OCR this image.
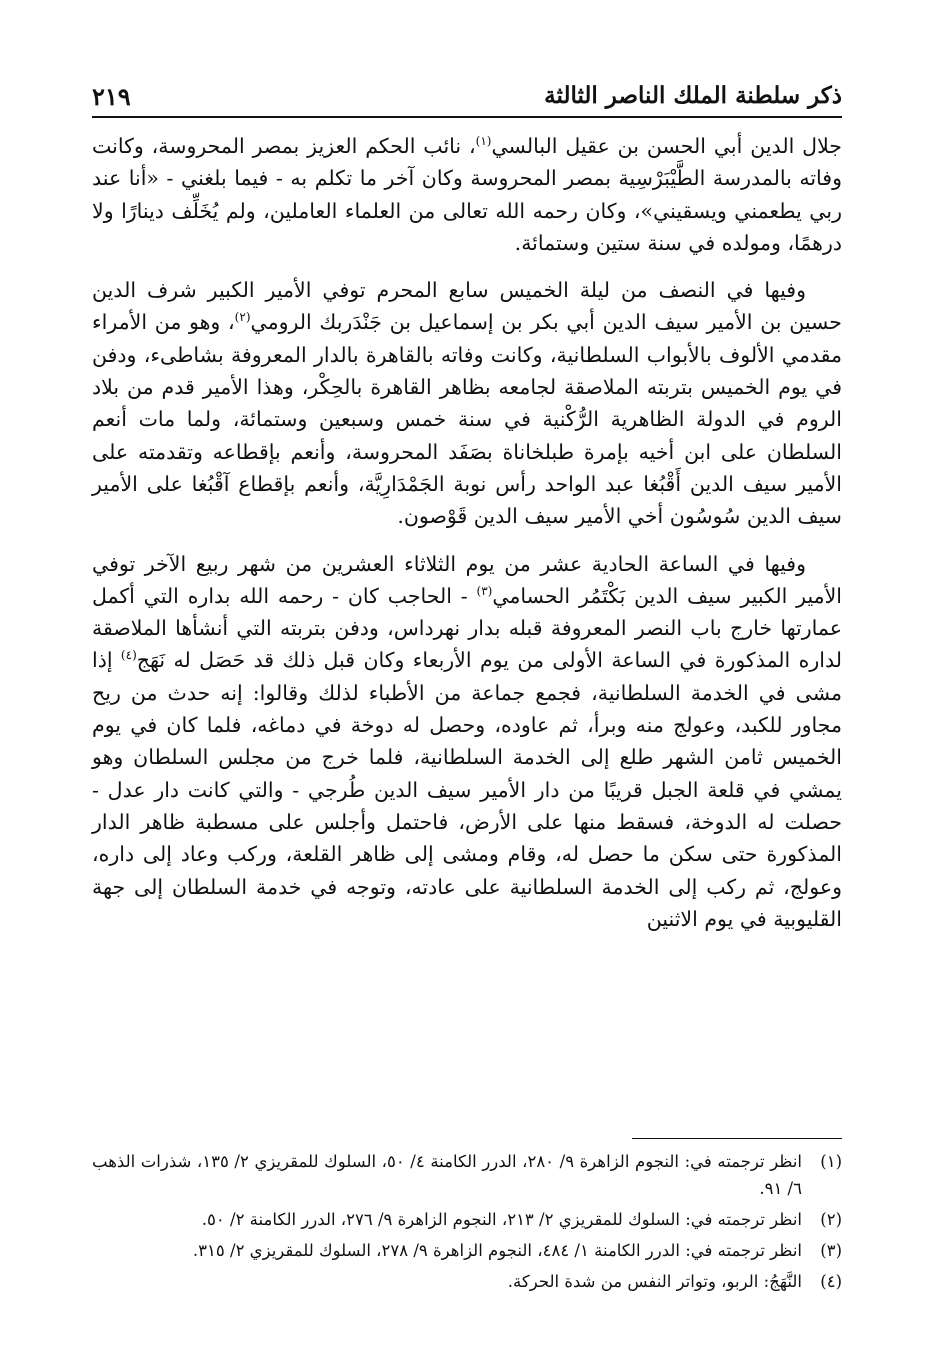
ذكر سلطنة الملك الناصر الثالثة
٢١٩

جلال الدين أبي الحسن بن عقيل البالسي$^{(١)}$، نائب الحكم العزيز بمصر المحروسة، وكانت وفاته بالمدرسة الطَّيْبَرْسِية بمصر المحروسة وكان آخر ما تكلم به - فيما بلغني - «أنا عند ربي يطعمني ويسقيني»، وكان رحمه الله تعالى من العلماء العاملين، ولم يُخَلِّف دينارًا ولا درهمًا، ومولده في سنة ستين وستمائة.

وفيها في النصف من ليلة الخميس سابع المحرم توفي الأمير الكبير شرف الدين حسين بن الأمير سيف الدين أبي بكر بن إسماعيل بن جَنْدَربك الرومي$^{(٢)}$، وهو من الأمراء مقدمي الألوف بالأبواب السلطانية، وكانت وفاته بالقاهرة بالدار المعروفة بشاطىء، ودفن في يوم الخميس بتربته الملاصقة لجامعه بظاهر القاهرة بالحِكْر، وهذا الأمير قدم من بلاد الروم في الدولة الظاهرية الرُّكْنية في سنة خمس وسبعين وستمائة، ولما مات أنعم السلطان على ابن أخيه بإمرة طبلخاناة بصَفَد المحروسة، وأنعم بإقطاعه وتقدمته على الأمير سيف الدين أَقْبُغا عبد الواحد رأس نوبة الجَمْدَارِيَّة، وأنعم بإقطاع آقْبُغا على الأمير سيف الدين سُوسُون أخي الأمير سيف الدين قَوْصون.

وفيها في الساعة الحادية عشر من يوم الثلاثاء العشرين من شهر ربيع الآخر توفي الأمير الكبير سيف الدين بَكْتَمُر الحسامي$^{(٣)}$ - الحاجب كان - رحمه الله بداره التي أكمل عمارتها خارج باب النصر المعروفة قبله بدار نهرداس، ودفن بتربته التي أنشأها الملاصقة لداره المذكورة في الساعة الأولى من يوم الأربعاء وكان قبل ذلك قد حَصَل له نَهَج$^{(٤)}$ إذا مشى في الخدمة السلطانية، فجمع جماعة من الأطباء لذلك وقالوا: إنه حدث من ريح مجاور للكبد، وعولج منه وبرأ، ثم عاوده، وحصل له دوخة في دماغه، فلما كان في يوم الخميس ثامن الشهر طلع إلى الخدمة السلطانية، فلما خرج من مجلس السلطان وهو يمشي في قلعة الجبل قريبًا من دار الأمير سيف الدين طُرجي - والتي كانت دار عدل - حصلت له الدوخة، فسقط منها على الأرض، فاحتمل وأجلس على مسطبة ظاهر الدار المذكورة حتى سكن ما حصل له، وقام ومشى إلى ظاهر القلعة، وركب وعاد إلى داره، وعولج، ثم ركب إلى الخدمة السلطانية على عادته، وتوجه في خدمة السلطان إلى جهة القليوبية في يوم الاثنين

(١)
انظر ترجمته في: النجوم الزاهرة ٩/ ٢٨٠، الدرر الكامنة ٤/ ٥٠، السلوك للمقريزي ٢/ ١٣٥، شذرات الذهب ٦/ ٩١.
(٢)
انظر ترجمته في: السلوك للمقريزي ٢/ ٢١٣، النجوم الزاهرة ٩/ ٢٧٦، الدرر الكامنة ٢/ ٥٠.
(٣)
انظر ترجمته في: الدرر الكامنة ١/ ٤٨٤، النجوم الزاهرة ٩/ ٢٧٨، السلوك للمقريزي ٢/ ٣١٥.
(٤)
النَّهَجُ: الربو، وتواتر النفس من شدة الحركة.
